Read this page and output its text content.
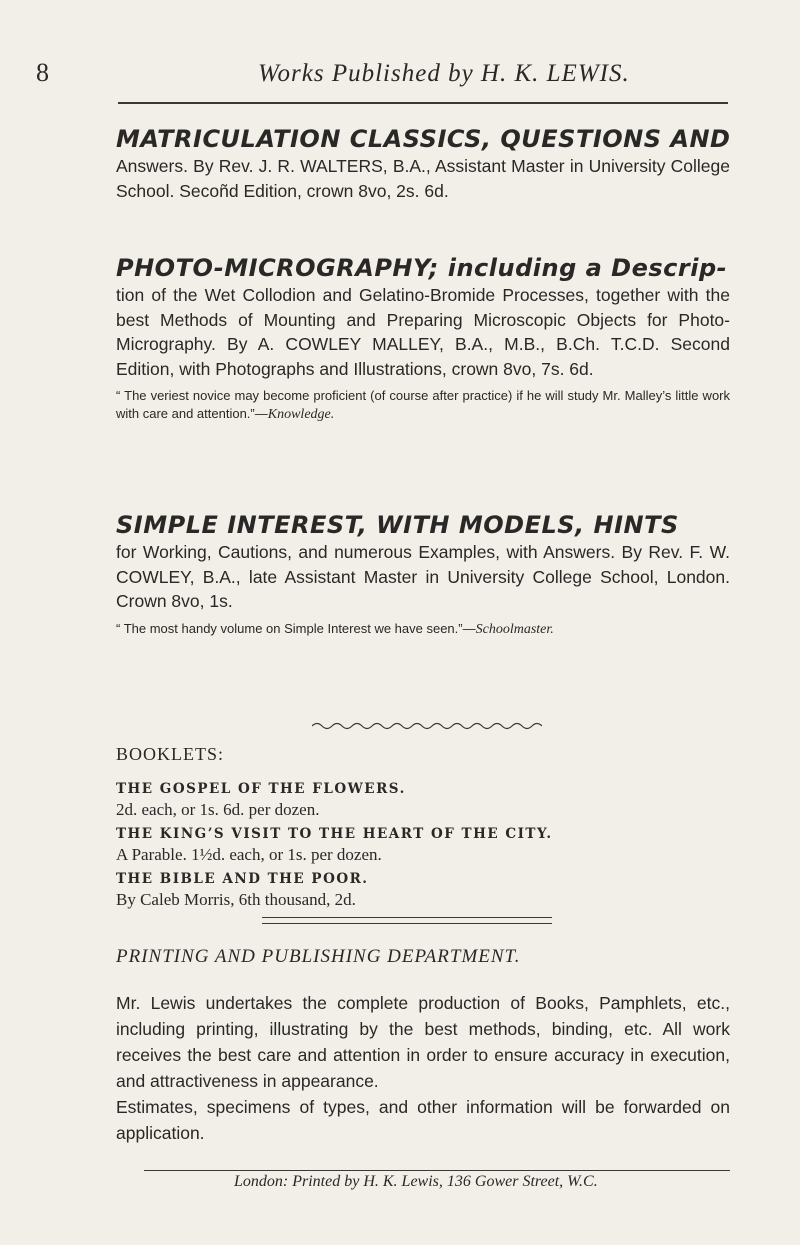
8	Works Published by H. K. LEWIS.
MATRICULATION CLASSICS, QUESTIONS AND
Answers. By Rev. J. R. WALTERS, B.A., Assistant Master in University College School. Secoñd Edition, crown 8vo, 2s. 6d.
PHOTO-MICROGRAPHY; including a Descrip-
tion of the Wet Collodion and Gelatino-Bromide Processes, together with the best Methods of Mounting and Preparing Microscopic Objects for Photo-Micrography. By A. COWLEY MALLEY, B.A., M.B., B.Ch. T.C.D. Second Edition, with Photographs and Illustrations, crown 8vo, 7s. 6d.
“ The veriest novice may become proficient (of course after practice) if he will study Mr. Malley’s little work with care and attention.”—Knowledge.
SIMPLE INTEREST, WITH MODELS, HINTS
for Working, Cautions, and numerous Examples, with Answers. By Rev. F. W. COWLEY, B.A., late Assistant Master in University College School, London. Crown 8vo, 1s.
“ The most handy volume on Simple Interest we have seen.”—Schoolmaster.
BOOKLETS:
THE GOSPEL OF THE FLOWERS.
2d. each, or 1s. 6d. per dozen.
THE KING’S VISIT TO THE HEART OF THE CITY.
A Parable. 1½d. each, or 1s. per dozen.
THE BIBLE AND THE POOR.
By Caleb Morris, 6th thousand, 2d.
PRINTING AND PUBLISHING DEPARTMENT.

Mr. Lewis undertakes the complete production of Books, Pamphlets, etc., including printing, illustrating by the best methods, binding, etc. All work receives the best care and attention in order to ensure accuracy in execution, and attractiveness in appearance.

Estimates, specimens of types, and other information will be forwarded on application.

London: Printed by H. K. Lewis, 136 Gower Street, W.C.
